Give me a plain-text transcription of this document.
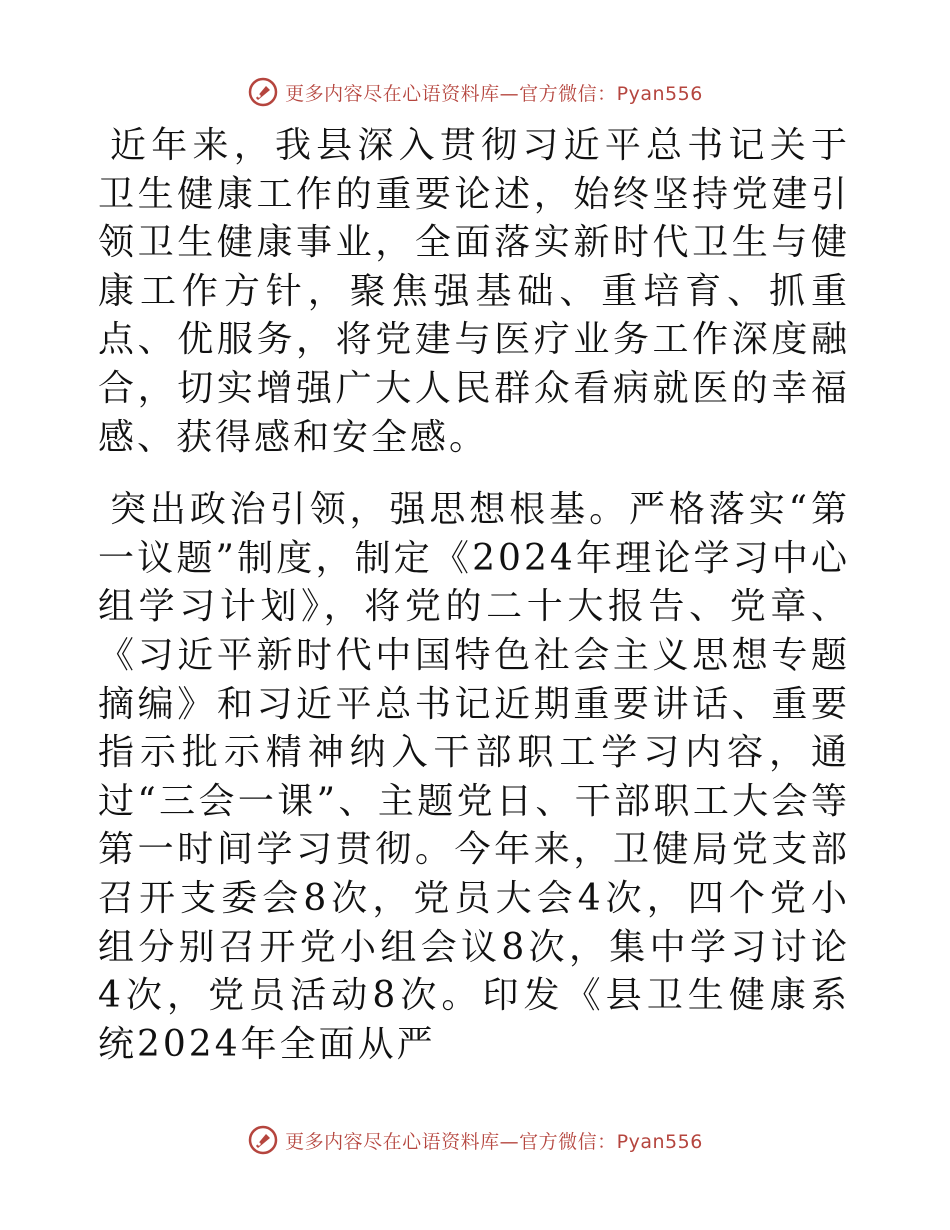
更多内容尽在心语资料库—官方微信：Pyan556

近年来，我县深入贯彻习近平总书记关于卫生健康工作的重要论述，始终坚持党建引领卫生健康事业，全面落实新时代卫生与健康工作方针，聚焦强基础、重培育、抓重点、优服务，将党建与医疗业务工作深度融合，切实增强广大人民群众看病就医的幸福感、获得感和安全感。

突出政治引领，强思想根基。严格落实“第一议题”制度，制定《2024年理论学习中心组学习计划》，将党的二十大报告、党章、《习近平新时代中国特色社会主义思想专题摘编》和习近平总书记近期重要讲话、重要指示批示精神纳入干部职工学习内容，通过“三会一课”、主题党日、干部职工大会等第一时间学习贯彻。今年来，卫健局党支部召开支委会8次，党员大会4次，四个党小组分别召开党小组会议8次，集中学习讨论4次，党员活动8次。印发《县卫生健康系统2024年全面从严

更多内容尽在心语资料库—官方微信：Pyan556
